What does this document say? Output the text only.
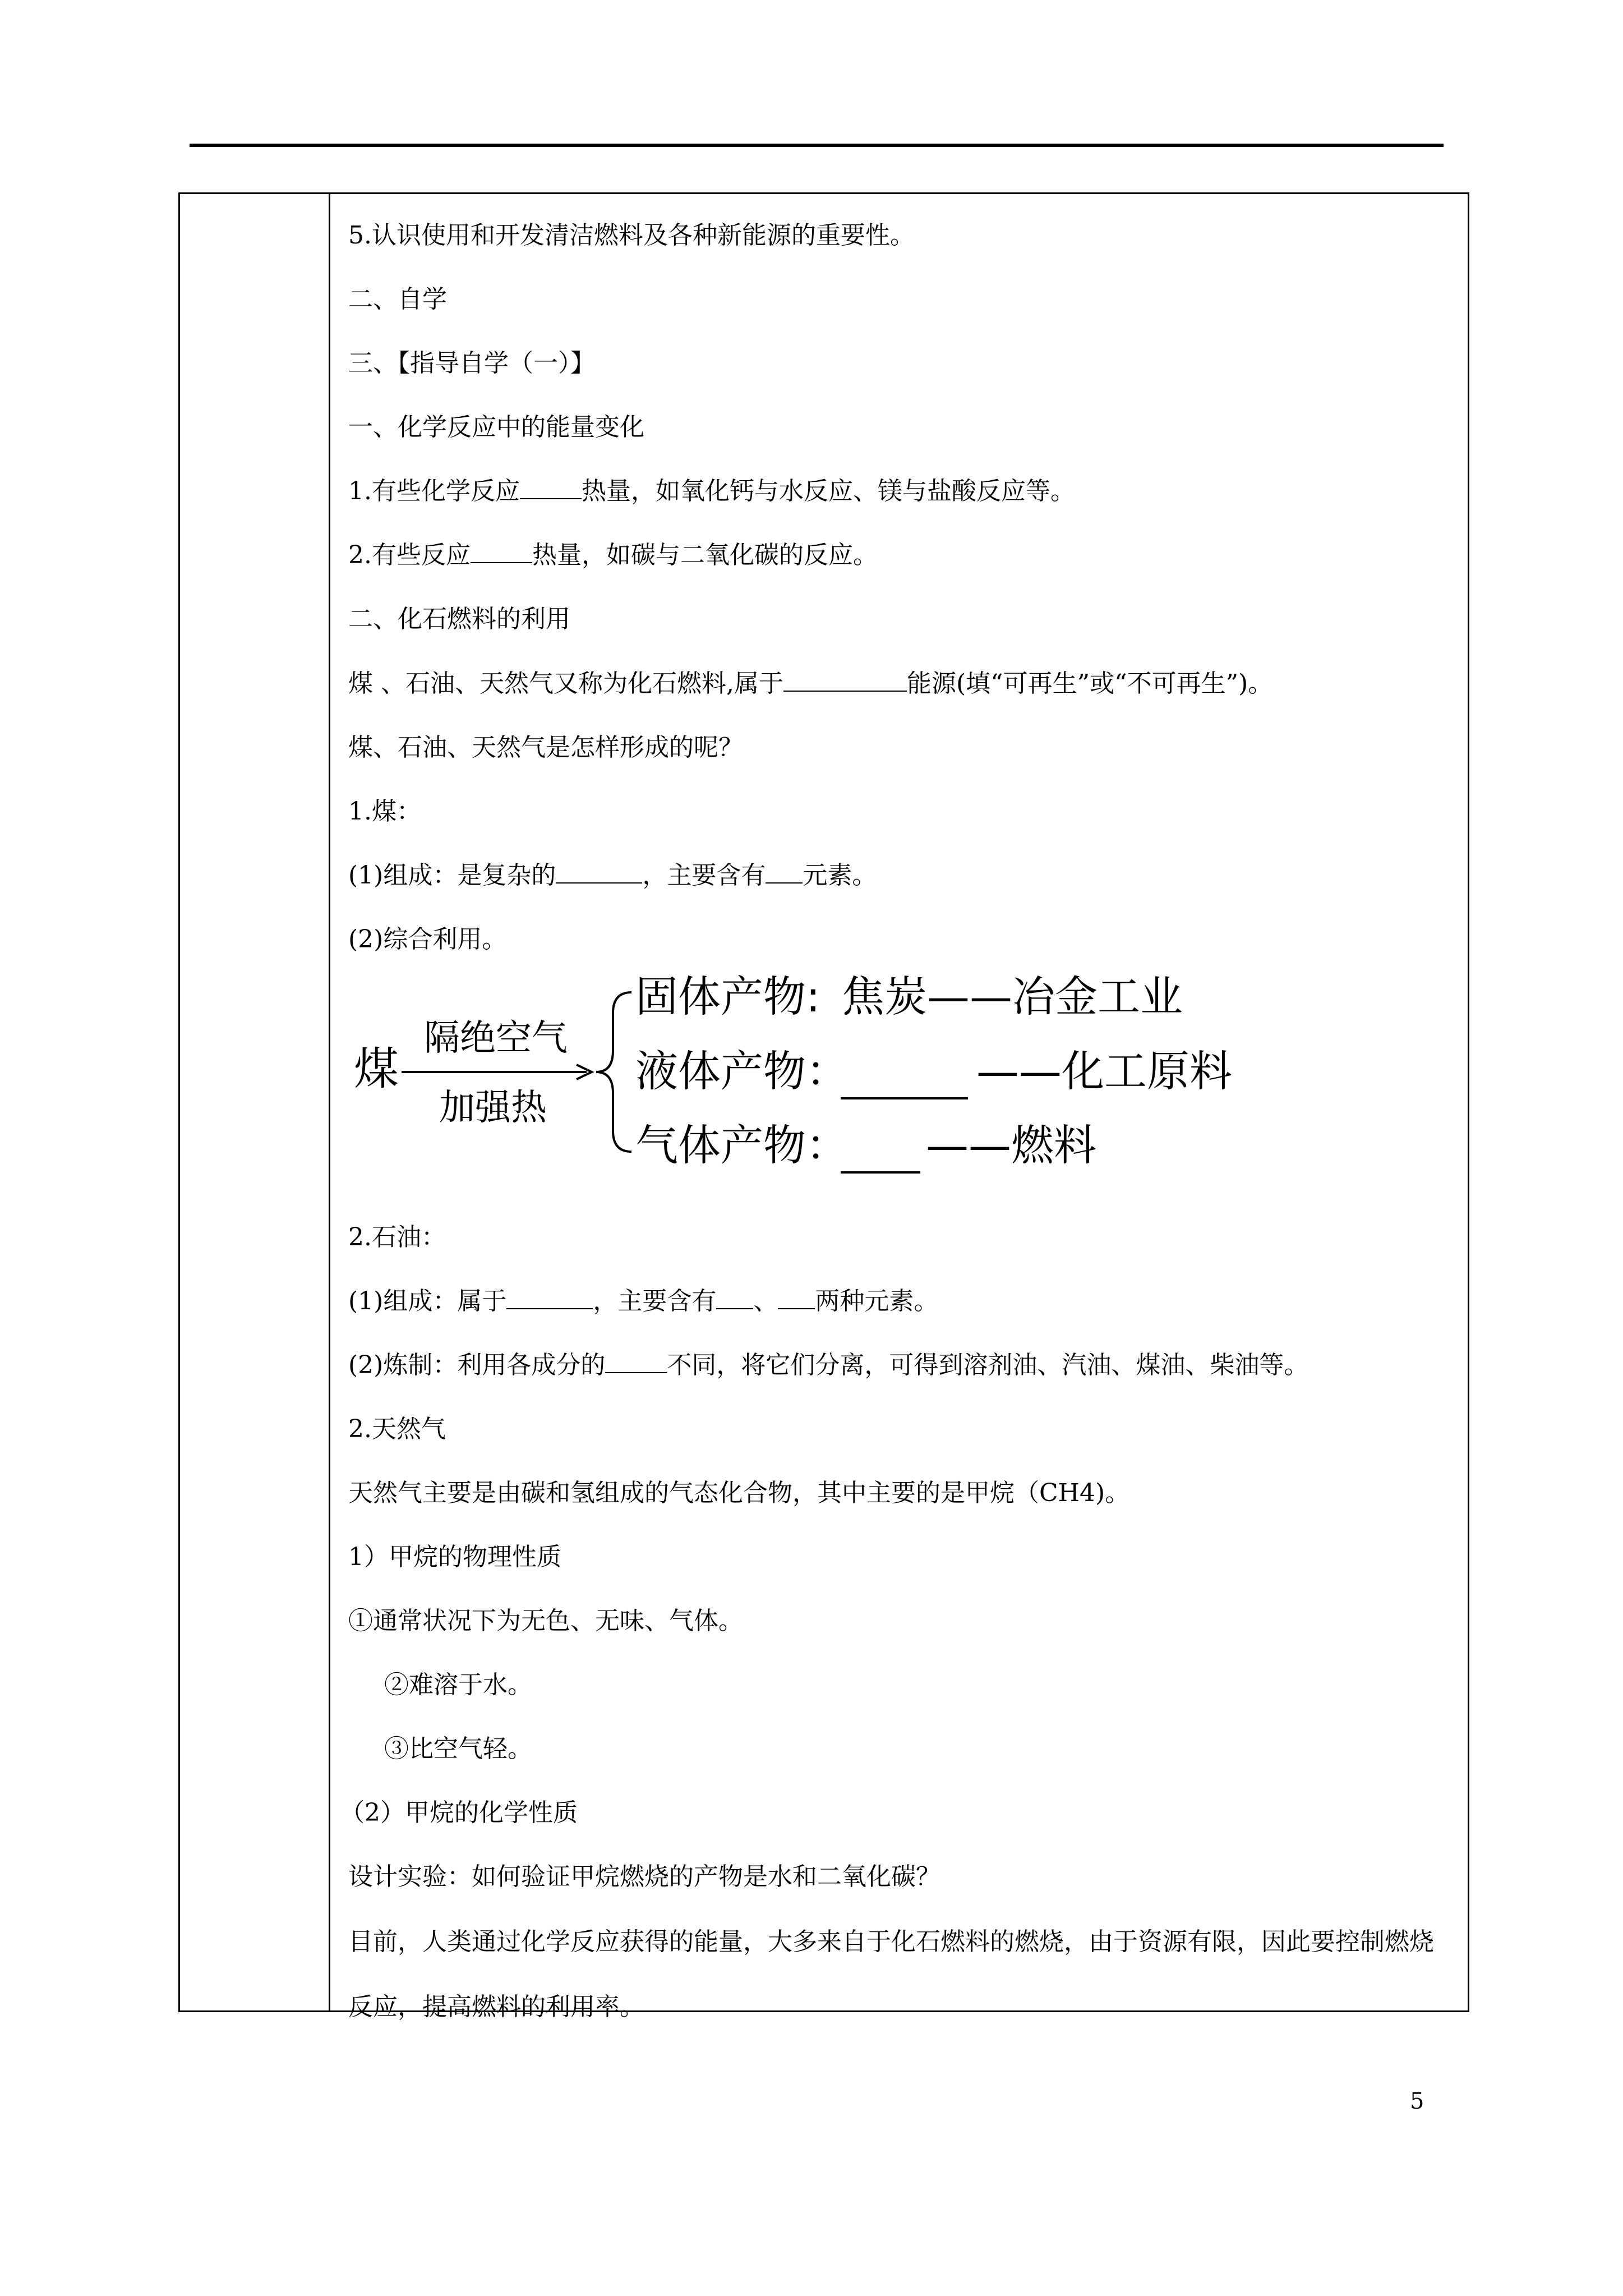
5.认识使用和开发清洁燃料及各种新能源的重要性。
二、自学
三、【指导自学（一）】
一、化学反应中的能量变化
1.有些化学反应	热量，如氧化钙与水反应、镁与盐酸反应等。
2.有些反应	热量，如碳与二氧化碳的反应。
二、化石燃料的利用
煤 、石油、天然气又称为化石燃料,属于	能源(填“可再生”或“不可再生”)。
煤、石油、天然气是怎样形成的呢？
1.煤：
(1)组成：是复杂的	，主要含有 元素。
(2)综合利用。
煤
隔绝空气
加强热
固体产物: 焦炭 ——冶金工业
液体产物：	——化工原料
气体产物： ——燃料
2.石油：
(1)组成：属于	，主要含有 、 两种元素。
(2)炼制：利用各成分的	不同，将它们分离，可得到溶剂油、汽油、煤油、柴油等。
2.天然气
天然气主要是由碳和氢组成的气态化合物，其中主要的是甲烷（CH4)。
1）甲烷的物理性质
①通常状况下为无色、无味、气体。
②难溶于水。
③比空气轻。
（2）甲烷的化学性质
设计实验：如何验证甲烷燃烧的产物是水和二氧化碳？
目前，人类通过化学反应获得的能量，大多来自于化石燃料的燃烧，由于资源有限，因此要控制燃烧反应，提高燃料的利用率。
5
